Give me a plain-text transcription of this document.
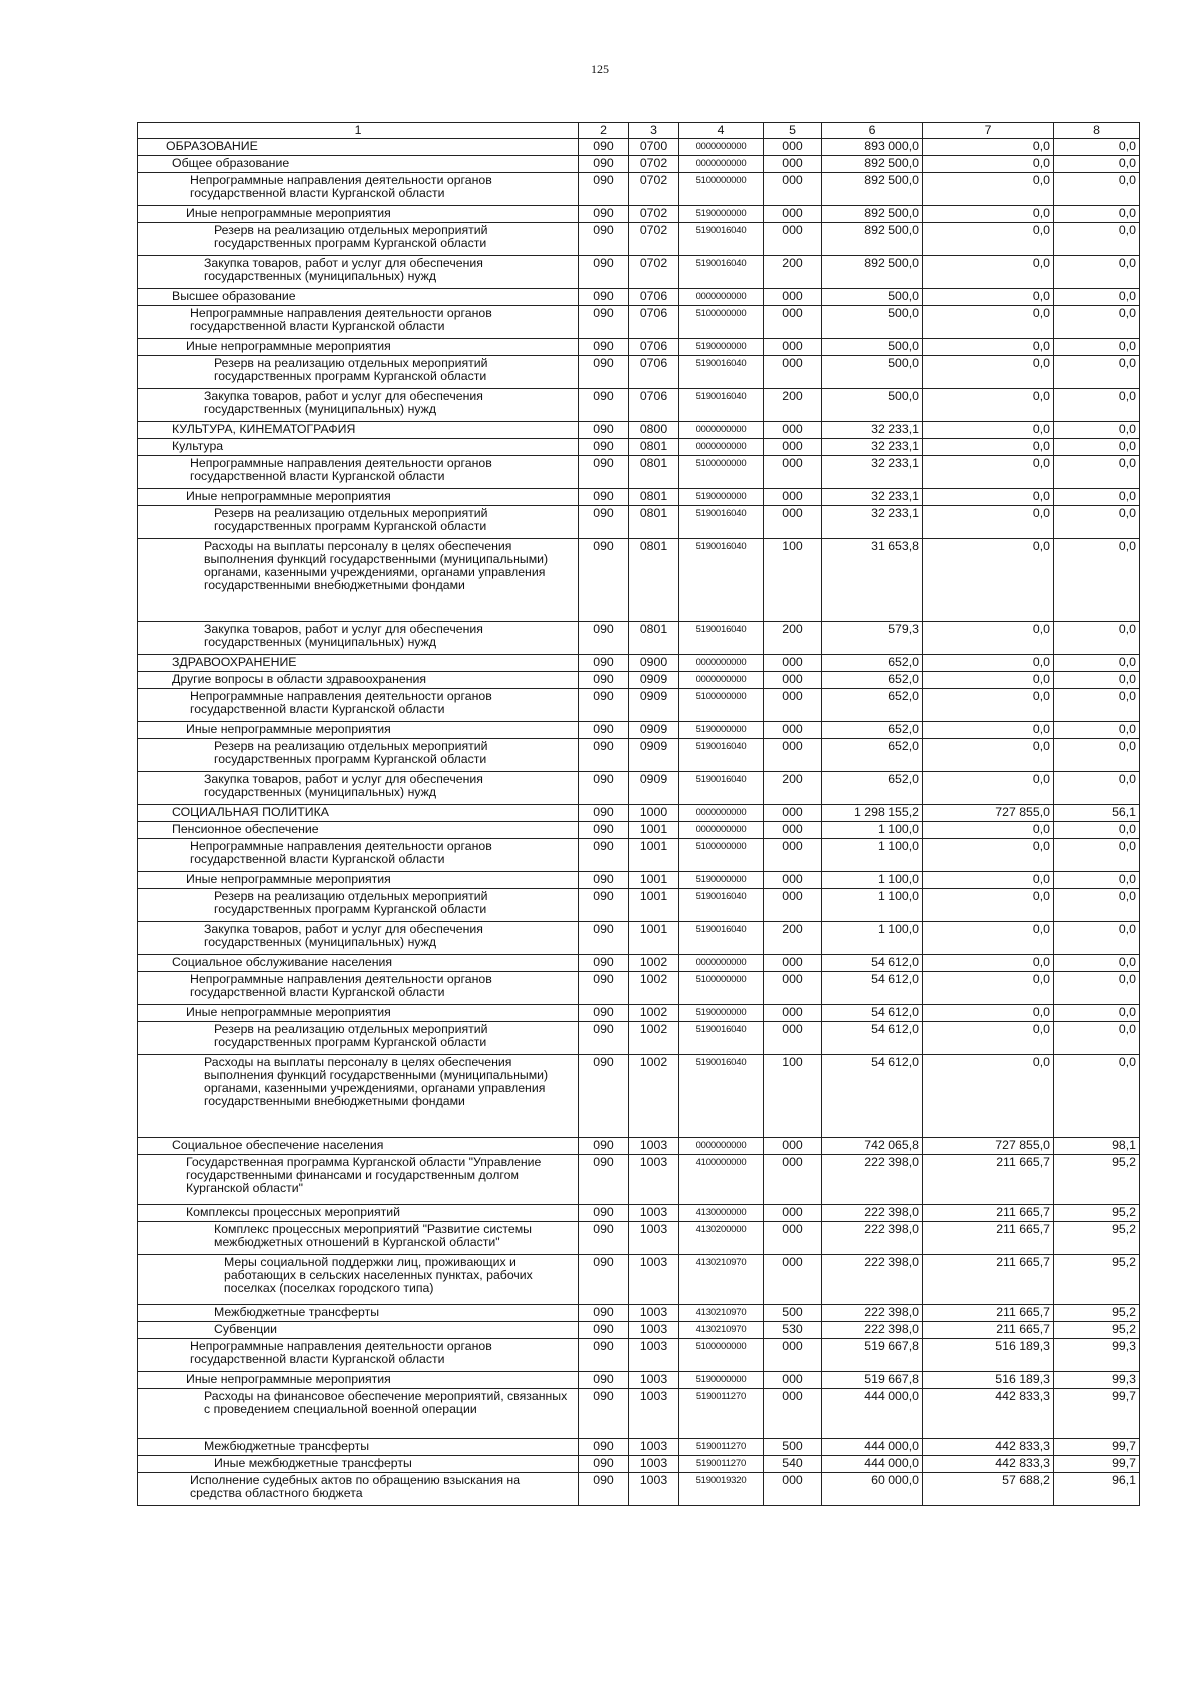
125
1	2	3	4	5	6	7	8
ОБРАЗОВАНИЕ	090	0700	0000000000	000	893 000,0	0,0	0,0
Общее образование	090	0702	0000000000	000	892 500,0	0,0	0,0
Непрограммные направления деятельности органов государственной власти Курганской области	090	0702	5100000000	000	892 500,0	0,0	0,0
Иные непрограммные мероприятия	090	0702	5190000000	000	892 500,0	0,0	0,0
Резерв на реализацию отдельных мероприятий государственных программ Курганской области	090	0702	5190016040	000	892 500,0	0,0	0,0
Закупка товаров, работ и услуг для обеспечения государственных (муниципальных) нужд	090	0702	5190016040	200	892 500,0	0,0	0,0
Высшее образование	090	0706	0000000000	000	500,0	0,0	0,0
Непрограммные направления деятельности органов государственной власти Курганской области	090	0706	5100000000	000	500,0	0,0	0,0
Иные непрограммные мероприятия	090	0706	5190000000	000	500,0	0,0	0,0
Резерв на реализацию отдельных мероприятий государственных программ Курганской области	090	0706	5190016040	000	500,0	0,0	0,0
Закупка товаров, работ и услуг для обеспечения государственных (муниципальных) нужд	090	0706	5190016040	200	500,0	0,0	0,0
КУЛЬТУРА, КИНЕМАТОГРАФИЯ	090	0800	0000000000	000	32 233,1	0,0	0,0
Культура	090	0801	0000000000	000	32 233,1	0,0	0,0
Непрограммные направления деятельности органов государственной власти Курганской области	090	0801	5100000000	000	32 233,1	0,0	0,0
Иные непрограммные мероприятия	090	0801	5190000000	000	32 233,1	0,0	0,0
Резерв на реализацию отдельных мероприятий государственных программ Курганской области	090	0801	5190016040	000	32 233,1	0,0	0,0
Расходы на выплаты персоналу в целях обеспечения выполнения функций государственными (муниципальными) органами, казенными учреждениями, органами управления государственными внебюджетными фондами	090	0801	5190016040	100	31 653,8	0,0	0,0
Закупка товаров, работ и услуг для обеспечения государственных (муниципальных) нужд	090	0801	5190016040	200	579,3	0,0	0,0
ЗДРАВООХРАНЕНИЕ	090	0900	0000000000	000	652,0	0,0	0,0
Другие вопросы в области здравоохранения	090	0909	0000000000	000	652,0	0,0	0,0
Непрограммные направления деятельности органов государственной власти Курганской области	090	0909	5100000000	000	652,0	0,0	0,0
Иные непрограммные мероприятия	090	0909	5190000000	000	652,0	0,0	0,0
Резерв на реализацию отдельных мероприятий государственных программ Курганской области	090	0909	5190016040	000	652,0	0,0	0,0
Закупка товаров, работ и услуг для обеспечения государственных (муниципальных) нужд	090	0909	5190016040	200	652,0	0,0	0,0
СОЦИАЛЬНАЯ ПОЛИТИКА	090	1000	0000000000	000	1 298 155,2	727 855,0	56,1
Пенсионное обеспечение	090	1001	0000000000	000	1 100,0	0,0	0,0
Непрограммные направления деятельности органов государственной власти Курганской области	090	1001	5100000000	000	1 100,0	0,0	0,0
Иные непрограммные мероприятия	090	1001	5190000000	000	1 100,0	0,0	0,0
Резерв на реализацию отдельных мероприятий государственных программ Курганской области	090	1001	5190016040	000	1 100,0	0,0	0,0
Закупка товаров, работ и услуг для обеспечения государственных (муниципальных) нужд	090	1001	5190016040	200	1 100,0	0,0	0,0
Социальное обслуживание населения	090	1002	0000000000	000	54 612,0	0,0	0,0
Непрограммные направления деятельности органов государственной власти Курганской области	090	1002	5100000000	000	54 612,0	0,0	0,0
Иные непрограммные мероприятия	090	1002	5190000000	000	54 612,0	0,0	0,0
Резерв на реализацию отдельных мероприятий государственных программ Курганской области	090	1002	5190016040	000	54 612,0	0,0	0,0
Расходы на выплаты персоналу в целях обеспечения выполнения функций государственными (муниципальными) органами, казенными учреждениями, органами управления государственными внебюджетными фондами	090	1002	5190016040	100	54 612,0	0,0	0,0
Социальное обеспечение населения	090	1003	0000000000	000	742 065,8	727 855,0	98,1
Государственная программа Курганской области "Управление государственными финансами и государственным долгом Курганской области"	090	1003	4100000000	000	222 398,0	211 665,7	95,2
Комплексы процессных мероприятий	090	1003	4130000000	000	222 398,0	211 665,7	95,2
Комплекс процессных мероприятий "Развитие системы межбюджетных отношений в Курганской области"	090	1003	4130200000	000	222 398,0	211 665,7	95,2
Меры социальной поддержки лиц, проживающих и работающих в сельских населенных пунктах, рабочих поселках (поселках городского типа)	090	1003	4130210970	000	222 398,0	211 665,7	95,2
Межбюджетные трансферты	090	1003	4130210970	500	222 398,0	211 665,7	95,2
Субвенции	090	1003	4130210970	530	222 398,0	211 665,7	95,2
Непрограммные направления деятельности органов государственной власти Курганской области	090	1003	5100000000	000	519 667,8	516 189,3	99,3
Иные непрограммные мероприятия	090	1003	5190000000	000	519 667,8	516 189,3	99,3
Расходы на финансовое обеспечение мероприятий, связанных с проведением специальной военной операции	090	1003	5190011270	000	444 000,0	442 833,3	99,7
Межбюджетные трансферты	090	1003	5190011270	500	444 000,0	442 833,3	99,7
Иные межбюджетные трансферты	090	1003	5190011270	540	444 000,0	442 833,3	99,7
Исполнение судебных актов по обращению взыскания на средства областного бюджета	090	1003	5190019320	000	60 000,0	57 688,2	96,1
